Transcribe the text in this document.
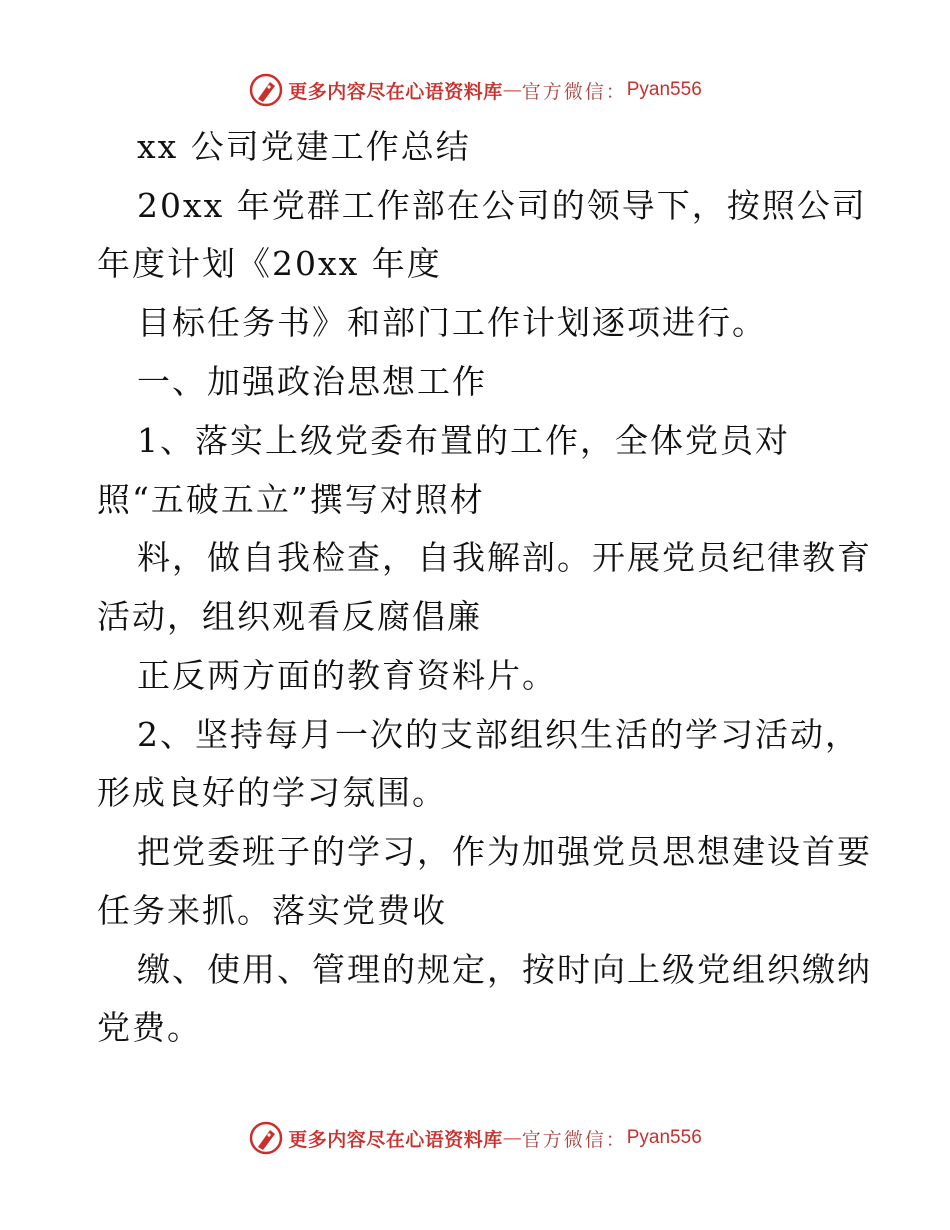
更多内容尽在心语资料库 — 官方微信： Pyan556

xx 公司党建工作总结

20xx 年党群工作部在公司的领导下，按照公司

年度计划《20xx 年度

目标任务书》和部门工作计划逐项进行。

一、加强政治思想工作

1、落实上级党委布置的工作，全体党员对

照“五破五立”撰写对照材

料，做自我检查，自我解剖。开展党员纪律教育

活动，组织观看反腐倡廉

正反两方面的教育资料片。

2、坚持每月一次的支部组织生活的学习活动，

形成良好的学习氛围。

把党委班子的学习，作为加强党员思想建设首要

任务来抓。落实党费收

缴、使用、管理的规定，按时向上级党组织缴纳

党费。

更多内容尽在心语资料库 — 官方微信： Pyan556
